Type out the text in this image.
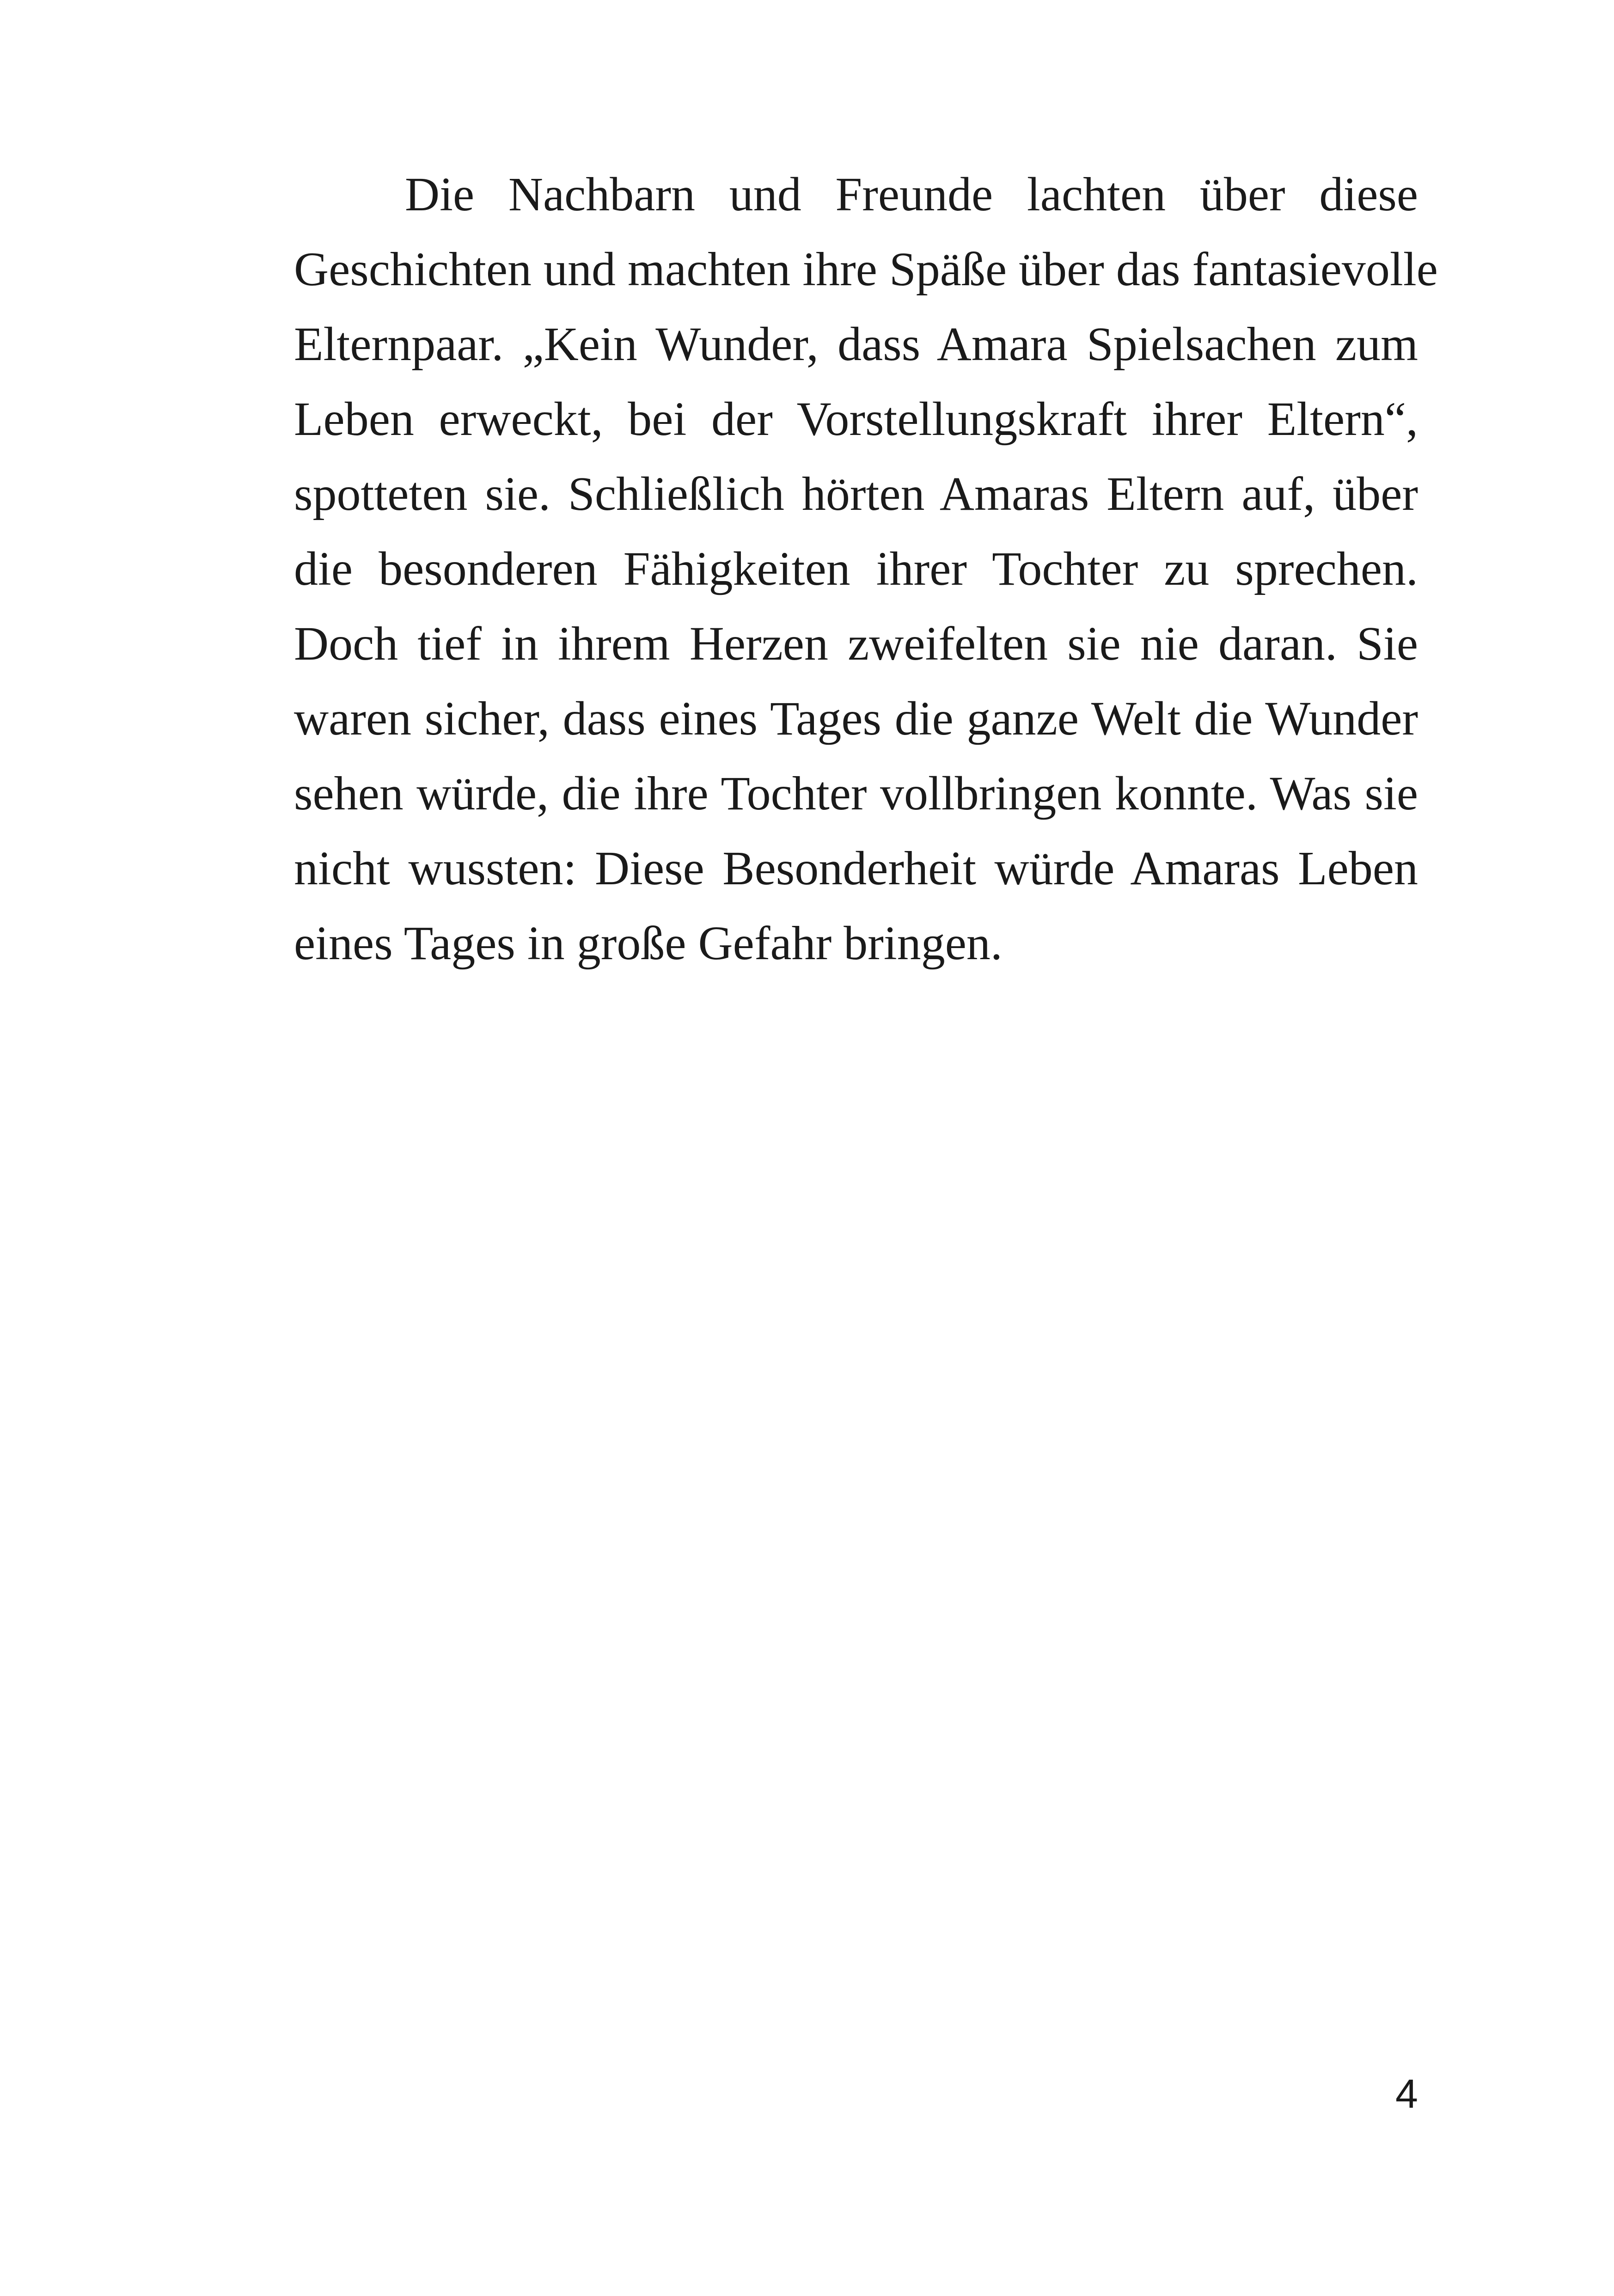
Die Nachbarn und Freunde lachten über diese
Geschichten und machten ihre Späße über das fantasievolle
Elternpaar. „Kein Wunder, dass Amara Spielsachen zum
Leben erweckt, bei der Vorstellungskraft ihrer Eltern“,
spotteten sie. Schließlich hörten Amaras Eltern auf, über
die besonderen Fähigkeiten ihrer Tochter zu sprechen.
Doch tief in ihrem Herzen zweifelten sie nie daran. Sie
waren sicher, dass eines Tages die ganze Welt die Wunder
sehen würde, die ihre Tochter vollbringen konnte. Was sie
nicht wussten: Diese Besonderheit würde Amaras Leben
eines Tages in große Gefahr bringen.

4
